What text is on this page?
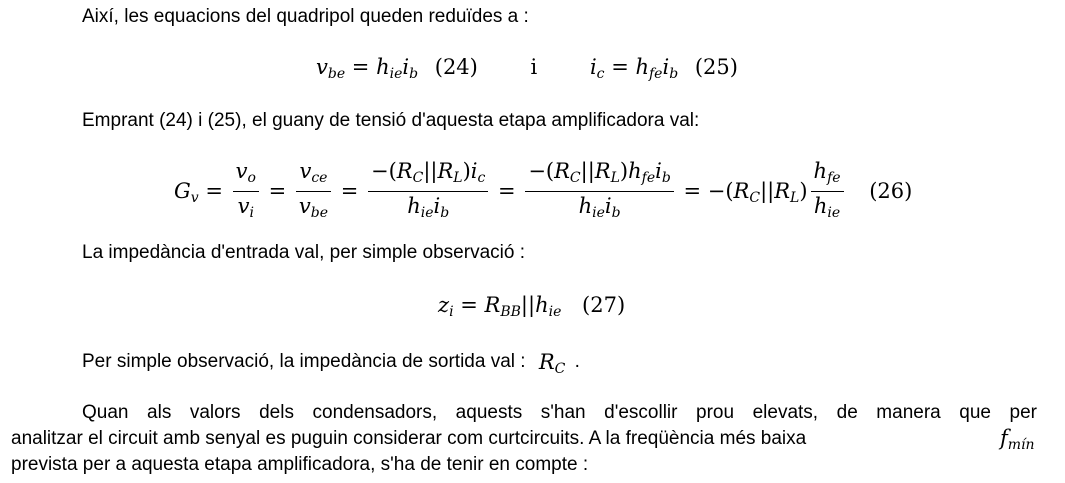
Així, les equacions del quadripol queden reduïdes a :
$v_{be} = h_{ie}i_b$ (24)	i	$i_c = h_{fe}i_b$ (25)
Emprant (24) i (25), el guany de tensió d'aquesta etapa amplificadora val:
$G_v = \frac{v_o}{v_i} = \frac{v_{ce}}{v_{be}} = \frac{-(R_C||R_L)i_c}{h_{ie}i_b} = \frac{-(R_C||R_L)h_{fe}i_b}{h_{ie}i_b} = -(R_C||R_L) \frac{h_{fe}}{h_{ie}} (26)$
La impedància d'entrada val, per simple observació :
$z_i = R_{BB}||h_{ie}$ (27)
Per simple observació, la impedància de sortida val : $R_C$ .
Quan als valors dels condensadors, aquests s'han d'escollir prou elevats, de manera que per
analitzar el circuit amb senyal es puguin considerar com curtcircuits. A la freqüència més baixa	$f_{mín}$
prevista per a aquesta etapa amplificadora, s'ha de tenir en compte :
